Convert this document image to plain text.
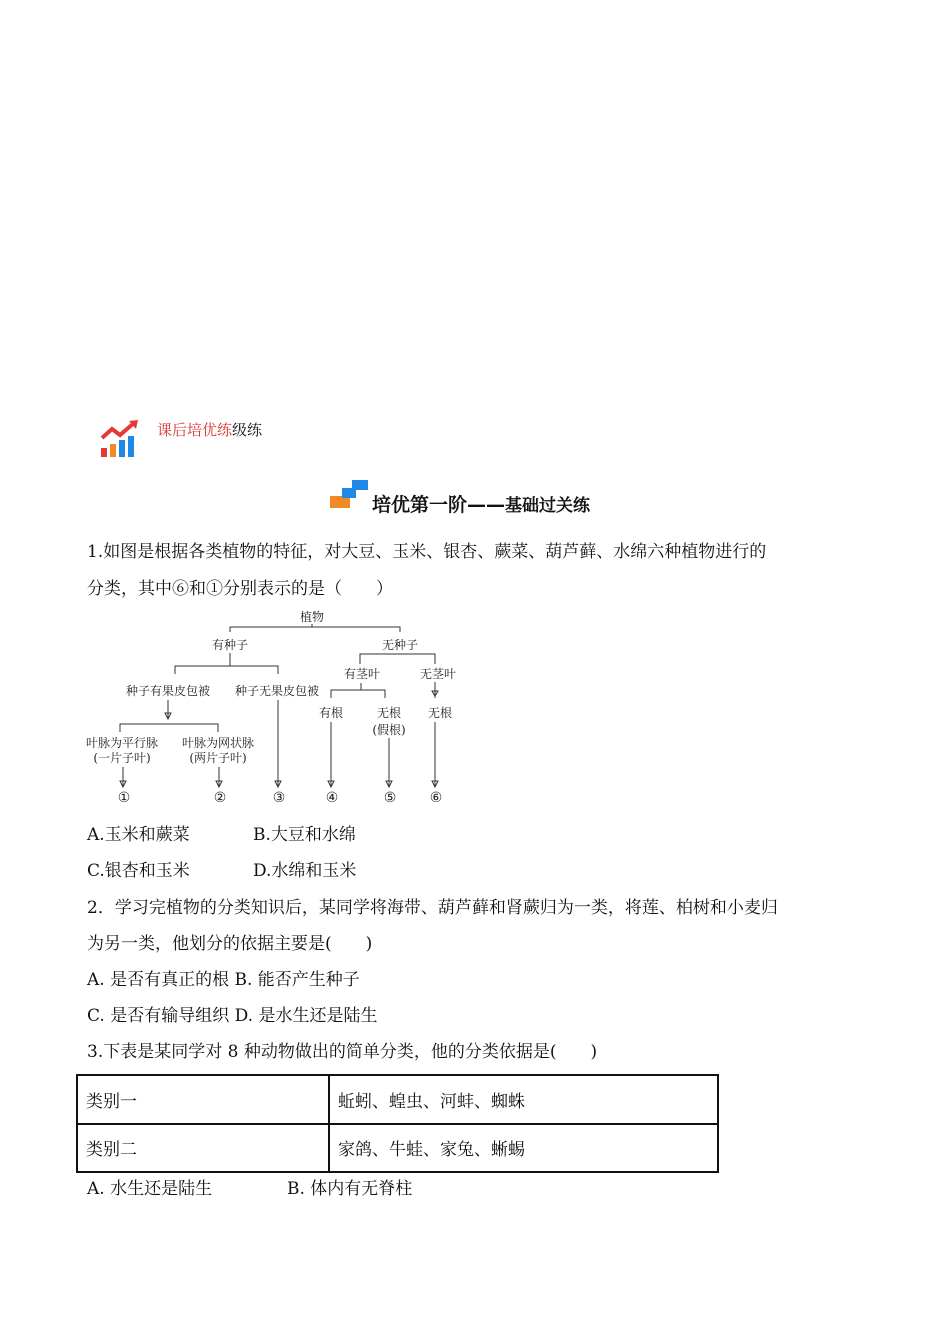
课后培优练级练
培优第一阶——基础过关练
1.如图是根据各类植物的特征，对大豆、玉米、银杏、蕨菜、葫芦藓、水绵六种植物进行的
分类，其中⑥和①分别表示的是（　　）
植物
有种子	无种子
种子有果皮包被 种子无果皮包被
有茎叶	无茎叶
有根	无根
(假根)
无根
叶脉为平行脉
(一片子叶)
叶脉为网状脉
(两片子叶)
①	②	③	④	⑤ ⑥
A.玉米和蕨菜	B.大豆和水绵
C.银杏和玉米	D.水绵和玉米
2．学习完植物的分类知识后，某同学将海带、葫芦藓和肾蕨归为一类，将莲、柏树和小麦归
为另一类，他划分的依据主要是(　　)
A. 是否有真正的根 B. 能否产生种子
C. 是否有输导组织 D. 是水生还是陆生
3.下表是某同学对 8 种动物做出的简单分类，他的分类依据是(　　)
类别一	蚯蚓、蝗虫、河蚌、蜘蛛
类别二	家鸽、牛蛙、家兔、蜥蜴
A. 水生还是陆生	B. 体内有无脊柱
